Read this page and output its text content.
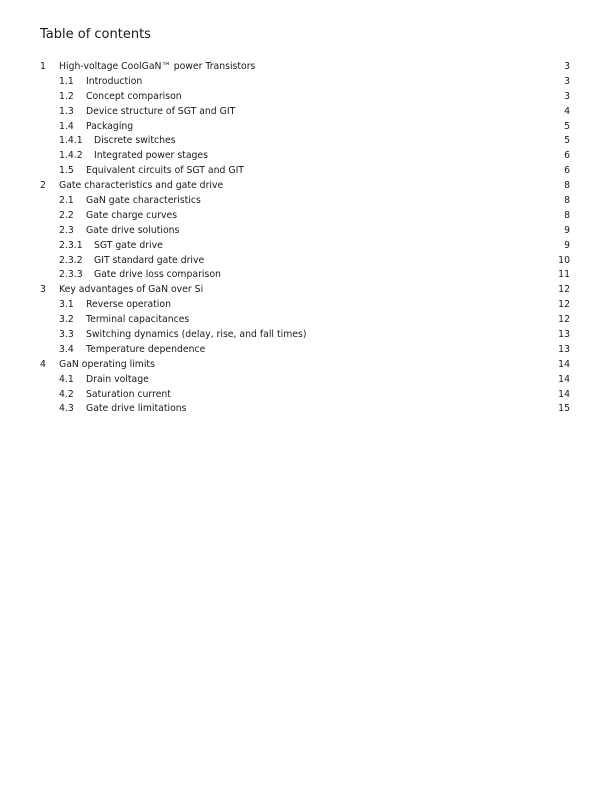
Table of contents
1 High-voltage CoolGaN™ power Transistors	3
1.1 Introduction	3
1.2 Concept comparison	3
1.3 Device structure of SGT and GIT	4
1.4 Packaging	5
1.4.1 Discrete switches	5
1.4.2 Integrated power stages	6
1.5 Equivalent circuits of SGT and GIT	6
2 Gate characteristics and gate drive	8
2.1 GaN gate characteristics	8
2.2 Gate charge curves	8
2.3 Gate drive solutions	9
2.3.1 SGT gate drive	9
2.3.2 GIT standard gate drive	10
2.3.3 Gate drive loss comparison	11
3 Key advantages of GaN over Si	12
3.1 Reverse operation	12
3.2 Terminal capacitances	12
3.3 Switching dynamics (delay, rise, and fall times)	13
3.4 Temperature dependence	13
4 GaN operating limits	14
4.1 Drain voltage	14
4.2 Saturation current	14
4.3 Gate drive limitations	15
